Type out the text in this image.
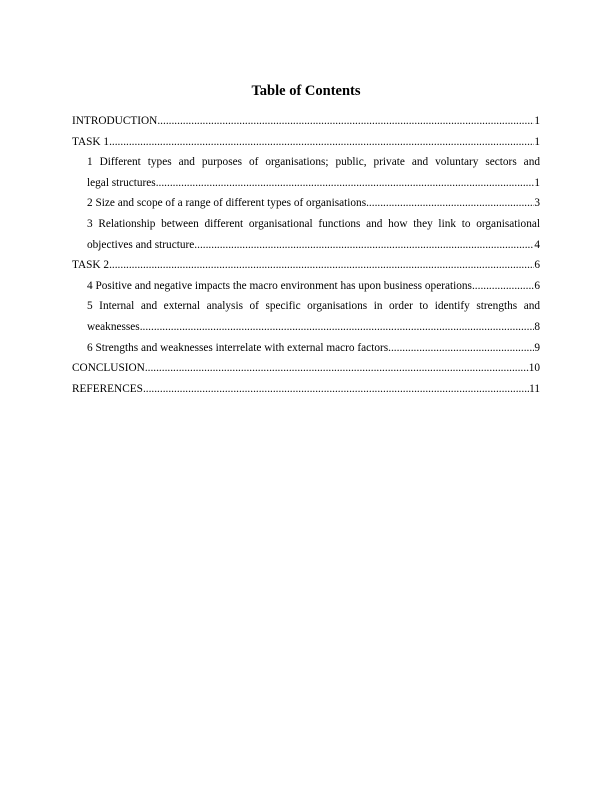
Table of Contents
INTRODUCTION .....	1
TASK 1 .....	1
1 Different types and purposes of organisations; public, private and voluntary sectors and
legal structures .....	1
2 Size and scope of a range of different types of organisations .....	3
3 Relationship between different organisational functions and how they link to organisational
objectives and structure .....	4
TASK 2 .....	6
4 Positive and negative impacts the macro environment has upon business operations .....	6
5 Internal and external analysis of specific organisations in order to identify strengths and
weaknesses .....	8
6 Strengths and weaknesses interrelate with external macro factors .....	9
CONCLUSION .....	10
REFERENCES .....	11
